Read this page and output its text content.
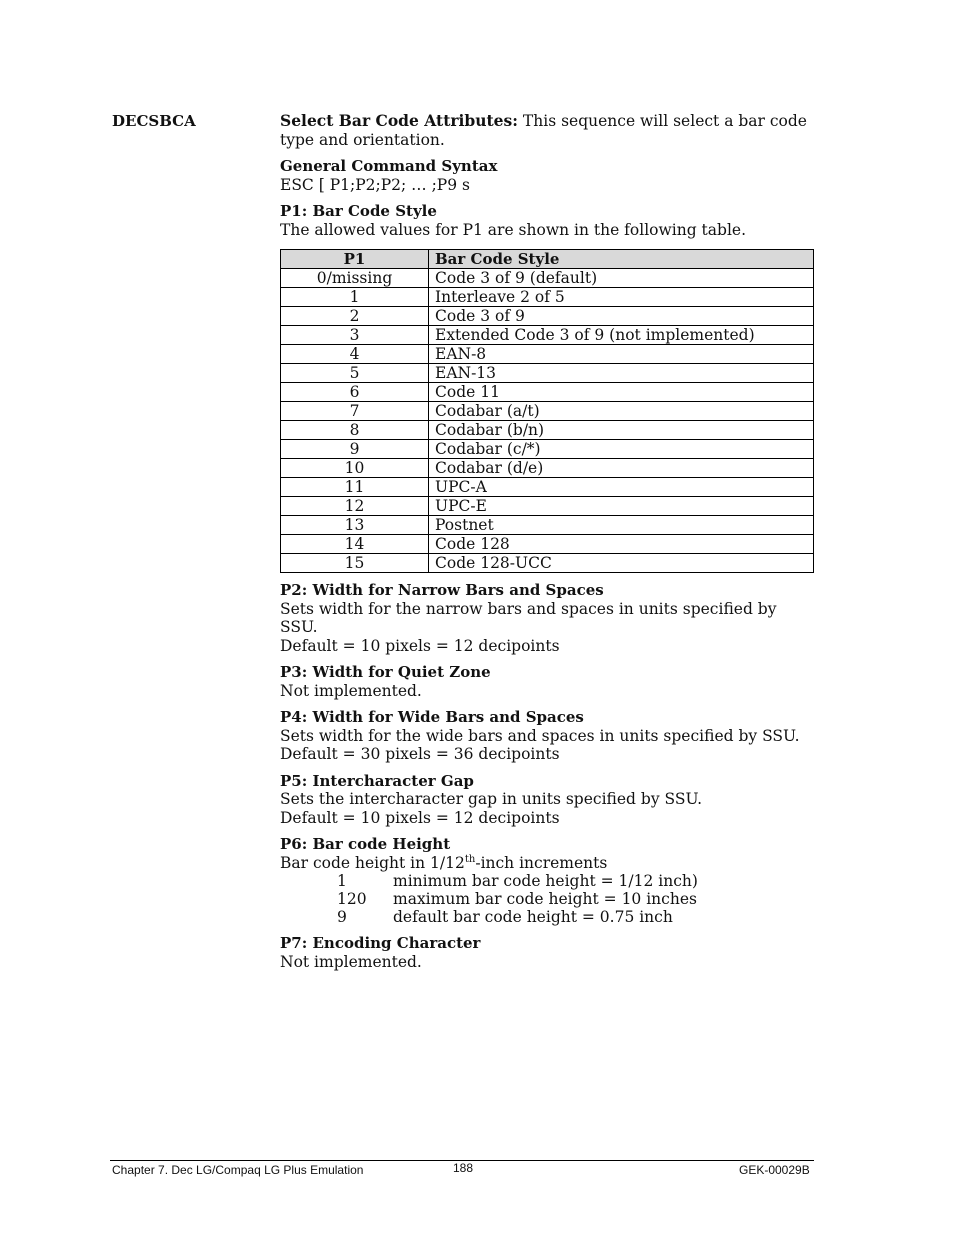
DECSBCA	Select Bar Code Attributes: This sequence will select a bar code type and orientation.
General Command Syntax
ESC [ P1;P2;P2; … ;P9 s
P1: Bar Code Style
The allowed values for P1 are shown in the following table.
P1	Bar Code Style
0/missing	Code 3 of 9 (default)
1	Interleave 2 of 5
2	Code 3 of 9
3	Extended Code 3 of 9 (not implemented)
4	EAN-8
5	EAN-13
6	Code 11
7	Codabar (a/t)
8	Codabar (b/n)
9	Codabar (c/*)
10	Codabar (d/e)
11	UPC-A
12	UPC-E
13	Postnet
14	Code 128
15	Code 128-UCC
P2: Width for Narrow Bars and Spaces
Sets width for the narrow bars and spaces in units specified by SSU.
Default = 10 pixels = 12 decipoints
P3: Width for Quiet Zone
Not implemented.
P4: Width for Wide Bars and Spaces
Sets width for the wide bars and spaces in units specified by SSU.
Default = 30 pixels = 36 decipoints
P5: Intercharacter Gap
Sets the intercharacter gap in units specified by SSU.
Default = 10 pixels = 12 decipoints
P6: Bar code Height
Bar code height in 1/12th-inch increments
1	minimum bar code height = 1/12 inch)
120	maximum bar code height = 10 inches
9	default bar code height = 0.75 inch
P7: Encoding Character
Not implemented.
Chapter 7. Dec LG/Compaq LG Plus Emulation	188	GEK-00029B
